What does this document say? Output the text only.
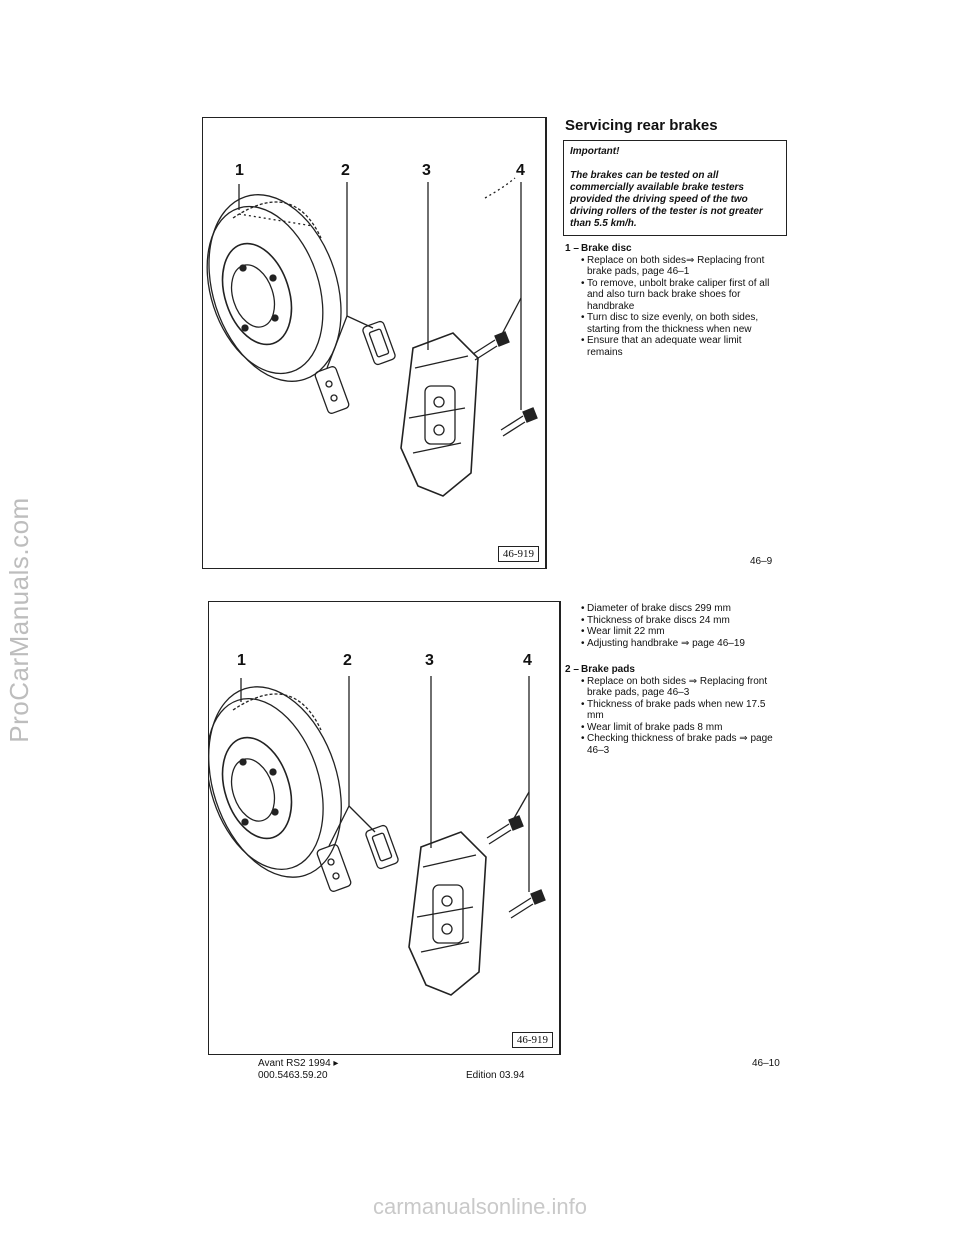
ProCarManuals.com
1	2	3	4
46-919
1	2	3	4
46-919
Servicing rear brakes
Important!
The brakes can be tested on all commercially available brake testers provided the driving speed of the two driving rollers of the tester is not greater than 5.5 km/h.
1 – Brake disc
• Replace on both sides⇒ Replacing front brake pads, page 46–1
• To remove, unbolt brake caliper first of all and also turn back brake shoes for handbrake
• Turn disc to size evenly, on both sides, starting from the thickness when new
• Ensure that an adequate wear limit remains
46–9
• Diameter of brake discs 299 mm
• Thickness of brake discs 24 mm
• Wear limit 22 mm
• Adjusting handbrake ⇒ page 46–19
2 – Brake pads
• Replace on both sides ⇒ Replacing front brake pads, page 46–3
• Thickness of brake pads when new 17.5 mm
• Wear limit of brake pads 8 mm
• Checking thickness of brake pads ⇒ page 46–3
46–10
Avant RS2 1994 ▸
000.5463.59.20	Edition 03.94
carmanualsonline.info
